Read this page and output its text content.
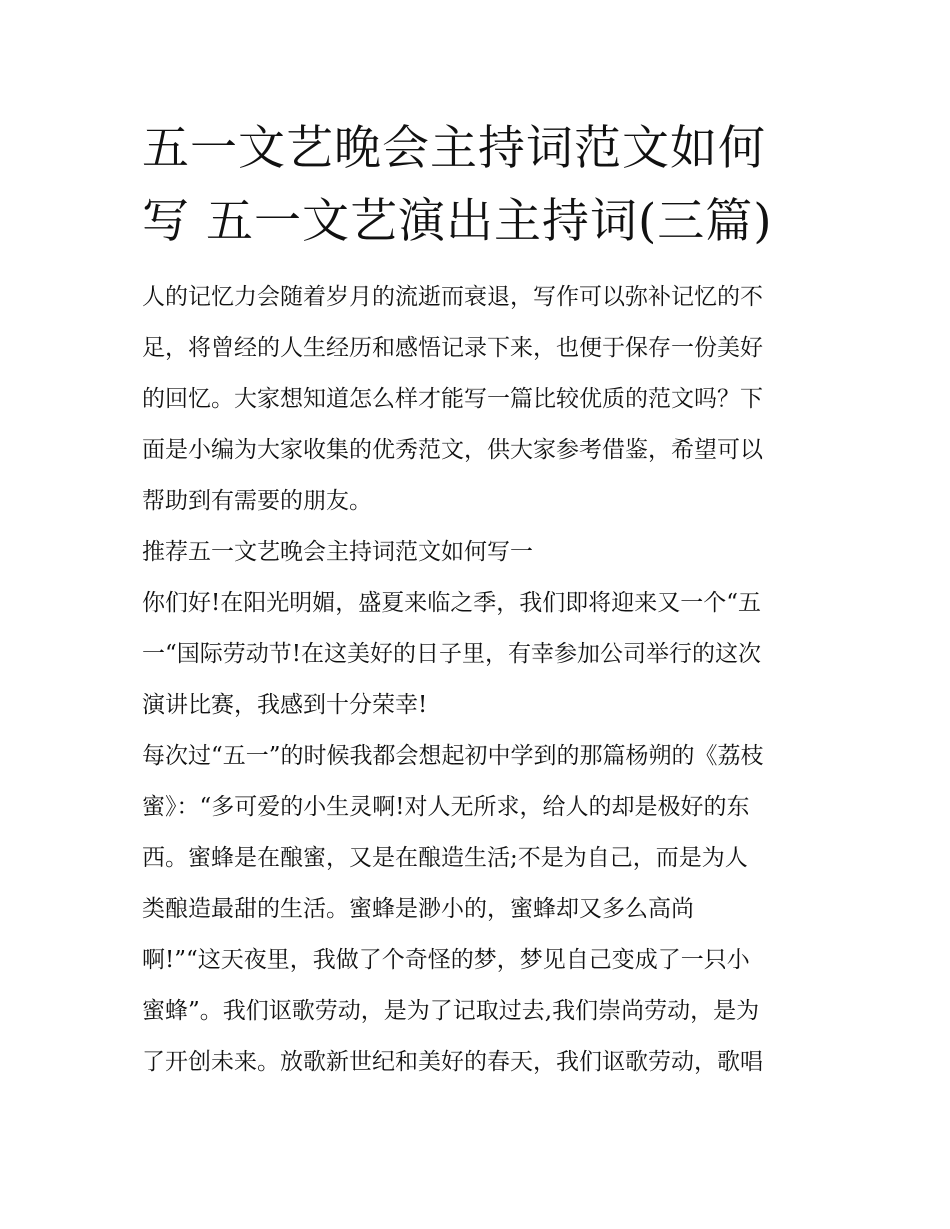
五一文艺晚会主持词范文如何
写 五一文艺演出主持词(三篇)

人的记忆力会随着岁月的流逝而衰退，写作可以弥补记忆的不
足，将曾经的人生经历和感悟记录下来，也便于保存一份美好
的回忆。大家想知道怎么样才能写一篇比较优质的范文吗？下
面是小编为大家收集的优秀范文，供大家参考借鉴，希望可以
帮助到有需要的朋友。

推荐五一文艺晚会主持词范文如何写一

你们好!在阳光明媚，盛夏来临之季，我们即将迎来又一个“五
一“国际劳动节!在这美好的日子里，有幸参加公司举行的这次
演讲比赛，我感到十分荣幸!

每次过“五一”的时候我都会想起初中学到的那篇杨朔的《荔枝
蜜》：“多可爱的小生灵啊!对人无所求，给人的却是极好的东
西。蜜蜂是在酿蜜，又是在酿造生活;不是为自己，而是为人
类酿造最甜的生活。蜜蜂是渺小的，蜜蜂却又多么高尚
啊!”“这天夜里，我做了个奇怪的梦，梦见自己变成了一只小
蜜蜂”。我们讴歌劳动，是为了记取过去,我们崇尚劳动，是为
了开创未来。放歌新世纪和美好的春天，我们讴歌劳动，歌唱
